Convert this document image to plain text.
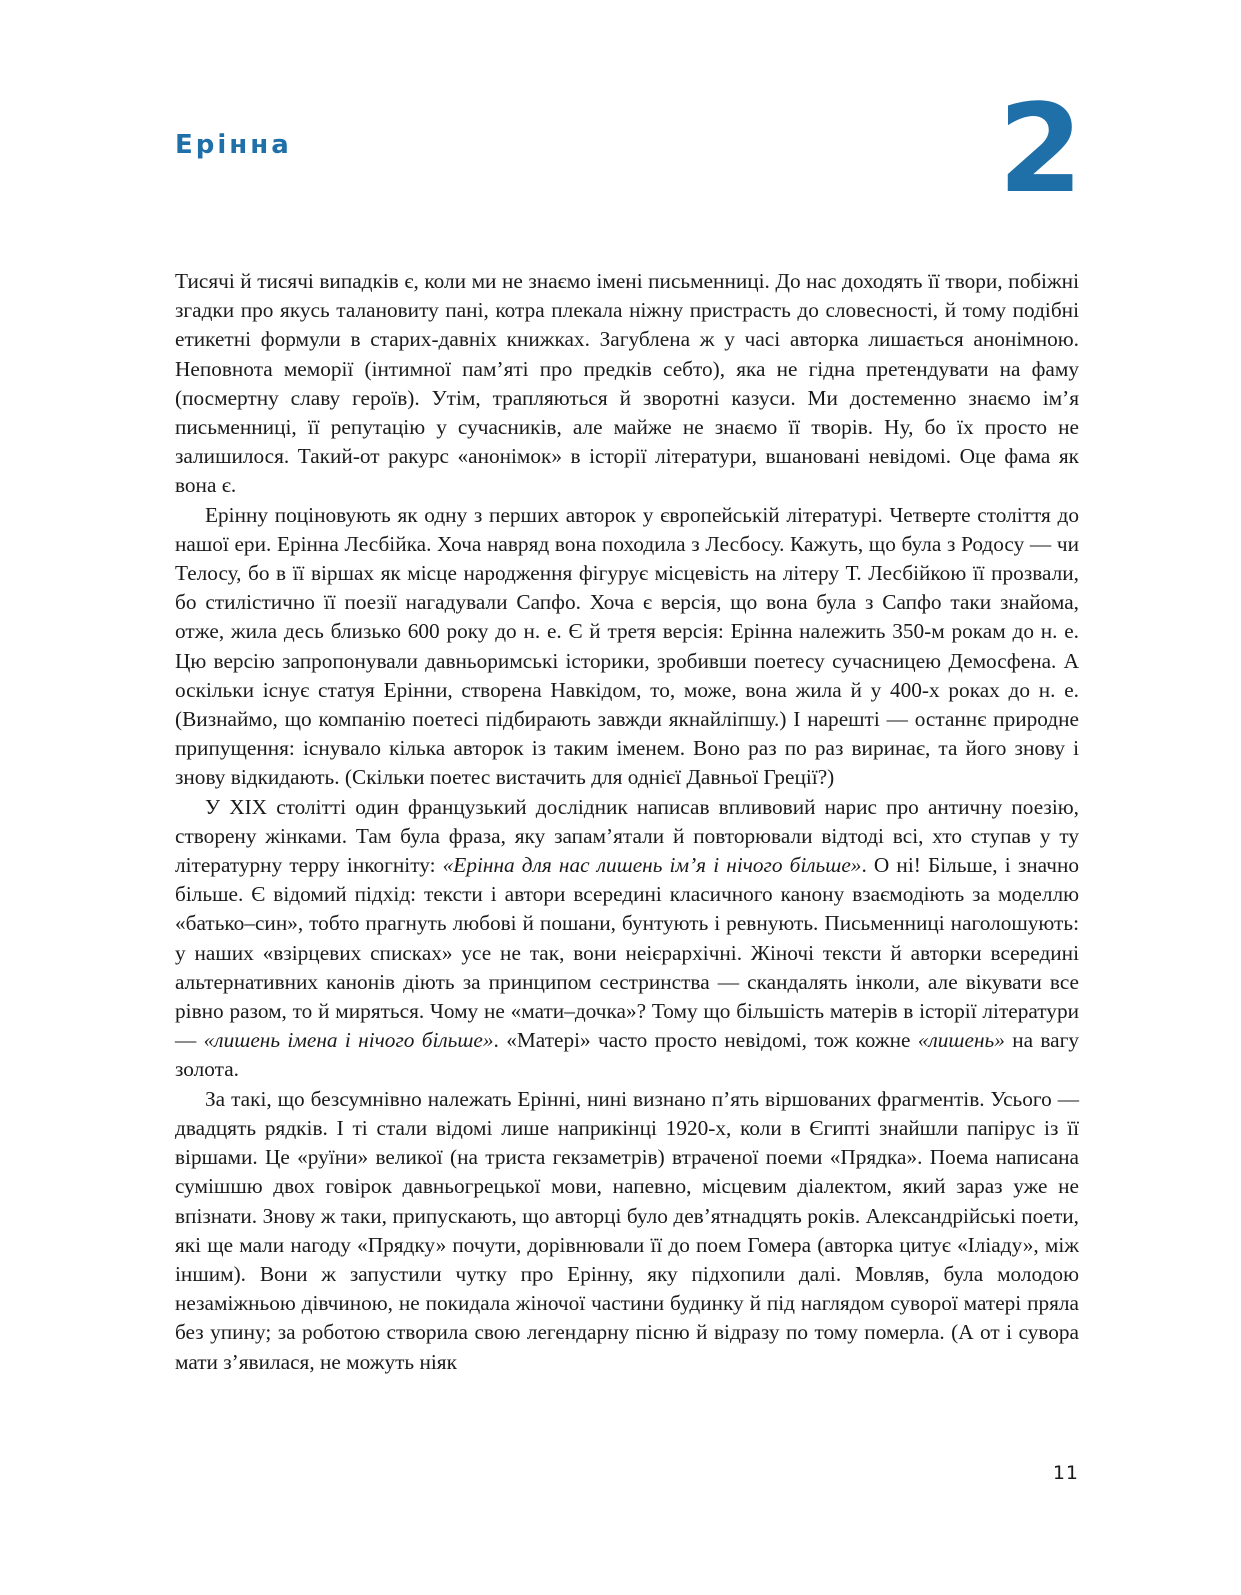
Ерінна	2

Тисячі й тисячі випадків є, коли ми не знаємо імені письменниці. До нас доходять її твори, побіжні згадки про якусь талановиту пані, котра плекала ніжну пристрасть до словесності, й тому подібні етикетні формули в старих-давніх книжках. Загублена ж у часі авторка лишається анонімною. Неповнота меморії (інтимної пам’яті про предків себто), яка не гідна претендувати на фаму (посмертну славу героїв). Утім, трапляються й зворотні казуси. Ми достеменно знаємо ім’я письменниці, її репутацію у сучасників, але майже не знаємо її творів. Ну, бо їх просто не залишилося. Такий-от ракурс «анонімок» в історії літератури, вшановані невідомі. Оце фама як вона є.

Ерінну поціновують як одну з перших авторок у європейській літературі. Четверте століття до нашої ери. Ерінна Лесбійка. Хоча навряд вона походила з Лесбосу. Кажуть, що була з Родосу — чи Телосу, бо в її віршах як місце народження фігурує місцевість на літеру Т. Лесбійкою її прозвали, бо стилістично її поезії нагадували Сапфо. Хоча є версія, що вона була з Сапфо таки знайома, отже, жила десь близько 600 року до н. е. Є й третя версія: Ерінна належить 350-м рокам до н. е. Цю версію запропонували давньоримські історики, зробивши поетесу сучасницею Демосфена. А оскільки існує статуя Ерінни, створена Навкідом, то, може, вона жила й у 400-х роках до н. е. (Визнаймо, що компанію поетесі підбирають завжди якнайліпшу.) І нарешті — останнє природне припущення: існувало кілька авторок із таким іменем. Воно раз по раз виринає, та його знову і знову відкидають. (Скільки поетес вистачить для однієї Давньої Греції?)

У XIX столітті один французький дослідник написав впливовий нарис про античну поезію, створену жінками. Там була фраза, яку запам’ятали й повторювали відтоді всі, хто ступав у ту літературну терру інкогніту: «Ерінна для нас лишень ім’я і нічого більше». О ні! Більше, і значно більше. Є відомий підхід: тексти і автори всередині класичного канону взаємодіють за моделлю «батько–син», тобто прагнуть любові й пошани, бунтують і ревнують. Письменниці наголошують: у наших «взірцевих списках» усе не так, вони неієрархічні. Жіночі тексти й авторки всередині альтернативних канонів діють за принципом сестринства — скандалять інколи, але вікувати все рівно разом, то й миряться. Чому не «мати–дочка»? Тому що більшість матерів в історії літератури — «лишень імена і нічого більше». «Матері» часто просто невідомі, тож кожне «лишень» на вагу золота.

За такі, що безсумнівно належать Ерінні, нині визнано п’ять віршованих фрагментів. Усього — двадцять рядків. І ті стали відомі лише наприкінці 1920-х, коли в Єгипті знайшли папірус із її віршами. Це «руїни» великої (на триста гекзаметрів) втраченої поеми «Прядка». Поема написана сумішшю двох говірок давньогрецької мови, напевно, місцевим діалектом, який зараз уже не впізнати. Знову ж таки, припускають, що авторці було дев’ятнадцять років. Александрійські поети, які ще мали нагоду «Прядку» почути, дорівнювали її до поем Гомера (авторка цитує «Іліаду», між іншим). Вони ж запустили чутку про Ерінну, яку підхопили далі. Мовляв, була молодою незаміжньою дівчиною, не покидала жіночої частини будинку й під наглядом суворої матері пряла без упину; за роботою створила свою легендарну пісню й відразу по тому померла. (А от і сувора мати з’явилася, не можуть ніяк

11
